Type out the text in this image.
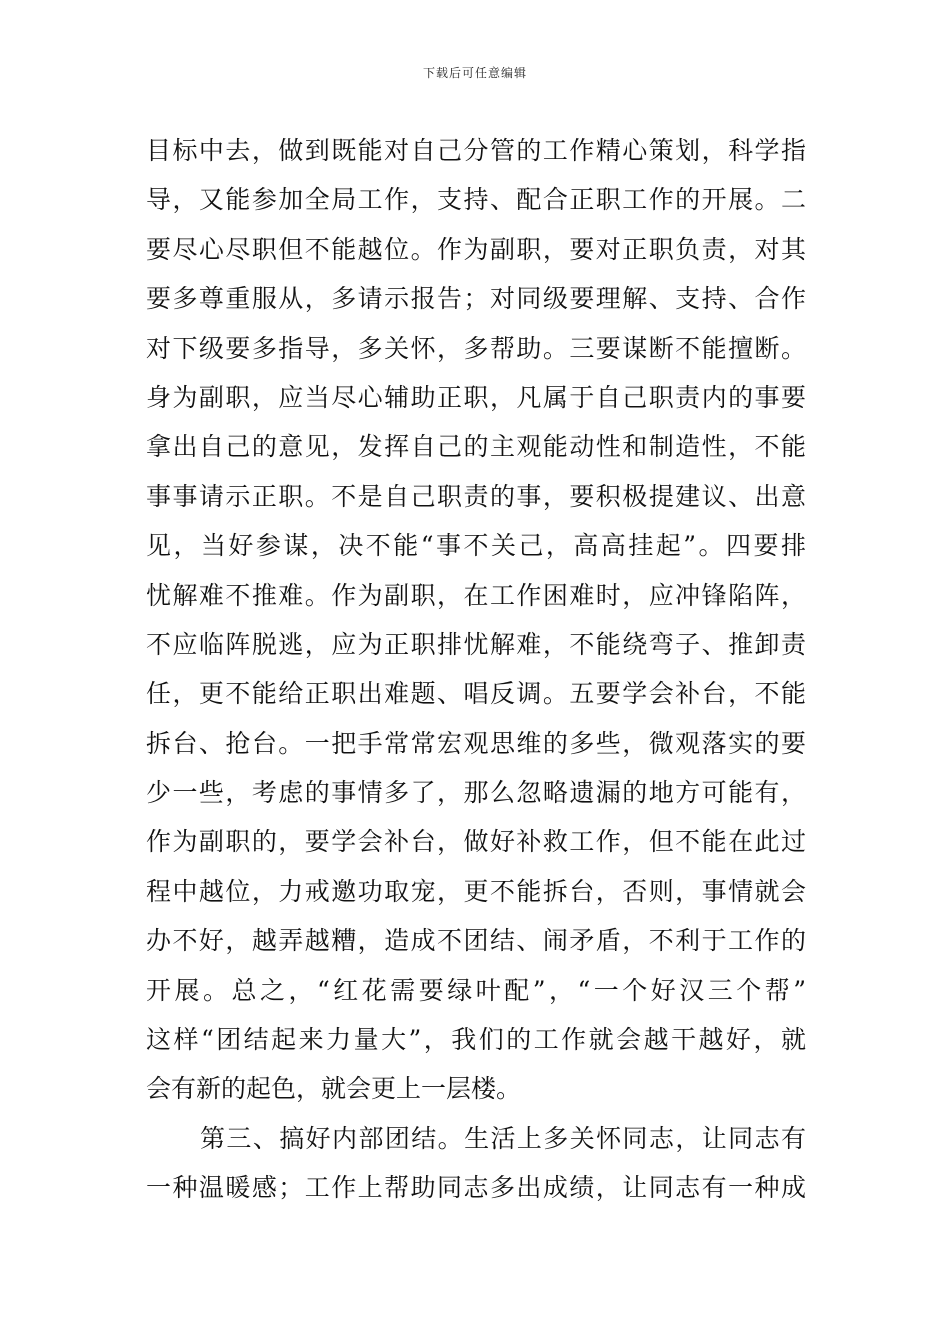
下载后可任意编辑
目标中去，做到既能对自己分管的工作精心策划，科学指
导，又能参加全局工作，支持、配合正职工作的开展。二
要尽心尽职但不能越位。作为副职，要对正职负责，对其
要多尊重服从，多请示报告；对同级要理解、支持、合作
对下级要多指导，多关怀，多帮助。三要谋断不能擅断。
身为副职，应当尽心辅助正职，凡属于自己职责内的事要
拿出自己的意见，发挥自己的主观能动性和制造性，不能
事事请示正职。不是自己职责的事，要积极提建议、出意
见，当好参谋，决不能“事不关己，高高挂起”。四要排
忧解难不推难。作为副职，在工作困难时，应冲锋陷阵，
不应临阵脱逃，应为正职排忧解难，不能绕弯子、推卸责
任，更不能给正职出难题、唱反调。五要学会补台，不能
拆台、抢台。一把手常常宏观思维的多些，微观落实的要
少一些，考虑的事情多了，那么忽略遗漏的地方可能有，
作为副职的，要学会补台，做好补救工作，但不能在此过
程中越位，力戒邀功取宠，更不能拆台，否则，事情就会
办不好，越弄越糟，造成不团结、闹矛盾，不利于工作的
开展。总之，“红花需要绿叶配”，“一个好汉三个帮”
这样“团结起来力量大”，我们的工作就会越干越好，就
会有新的起色，就会更上一层楼。
第三、搞好内部团结。生活上多关怀同志，让同志有
一种温暖感；工作上帮助同志多出成绩，让同志有一种成
